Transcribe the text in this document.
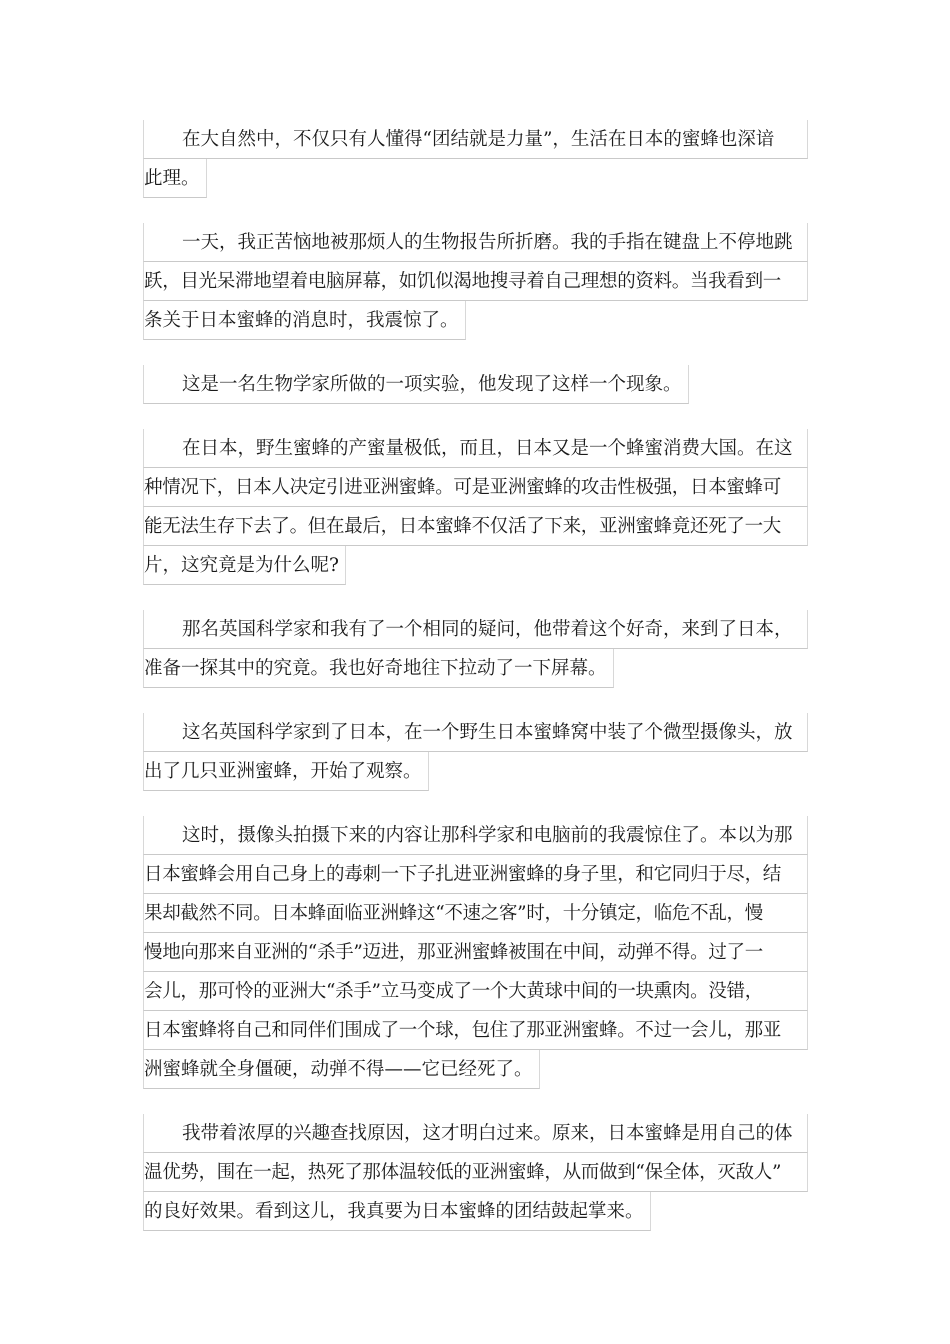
在大自然中，不仅只有人懂得“团结就是力量”，生活在日本的蜜蜂也深谙
此理。
一天，我正苦恼地被那烦人的生物报告所折磨。我的手指在键盘上不停地跳
跃，目光呆滞地望着电脑屏幕，如饥似渴地搜寻着自己理想的资料。当我看到一
条关于日本蜜蜂的消息时，我震惊了。
这是一名生物学家所做的一项实验，他发现了这样一个现象。
在日本，野生蜜蜂的产蜜量极低，而且，日本又是一个蜂蜜消费大国。在这
种情况下，日本人决定引进亚洲蜜蜂。可是亚洲蜜蜂的攻击性极强，日本蜜蜂可
能无法生存下去了。但在最后，日本蜜蜂不仅活了下来，亚洲蜜蜂竟还死了一大
片，这究竟是为什么呢?
那名英国科学家和我有了一个相同的疑问，他带着这个好奇，来到了日本，
准备一探其中的究竟。我也好奇地往下拉动了一下屏幕。
这名英国科学家到了日本，在一个野生日本蜜蜂窝中装了个微型摄像头，放
出了几只亚洲蜜蜂，开始了观察。
这时，摄像头拍摄下来的内容让那科学家和电脑前的我震惊住了。本以为那
日本蜜蜂会用自己身上的毒刺一下子扎进亚洲蜜蜂的身子里，和它同归于尽，结
果却截然不同。日本蜂面临亚洲蜂这“不速之客”时，十分镇定，临危不乱，慢
慢地向那来自亚洲的“杀手”迈进，那亚洲蜜蜂被围在中间，动弹不得。过了一
会儿，那可怜的亚洲大“杀手”立马变成了一个大黄球中间的一块熏肉。没错，
日本蜜蜂将自己和同伴们围成了一个球，包住了那亚洲蜜蜂。不过一会儿，那亚
洲蜜蜂就全身僵硬，动弹不得——它已经死了。
我带着浓厚的兴趣查找原因，这才明白过来。原来，日本蜜蜂是用自己的体
温优势，围在一起，热死了那体温较低的亚洲蜜蜂，从而做到“保全体，灭敌人”
的良好效果。看到这儿，我真要为日本蜜蜂的团结鼓起掌来。
